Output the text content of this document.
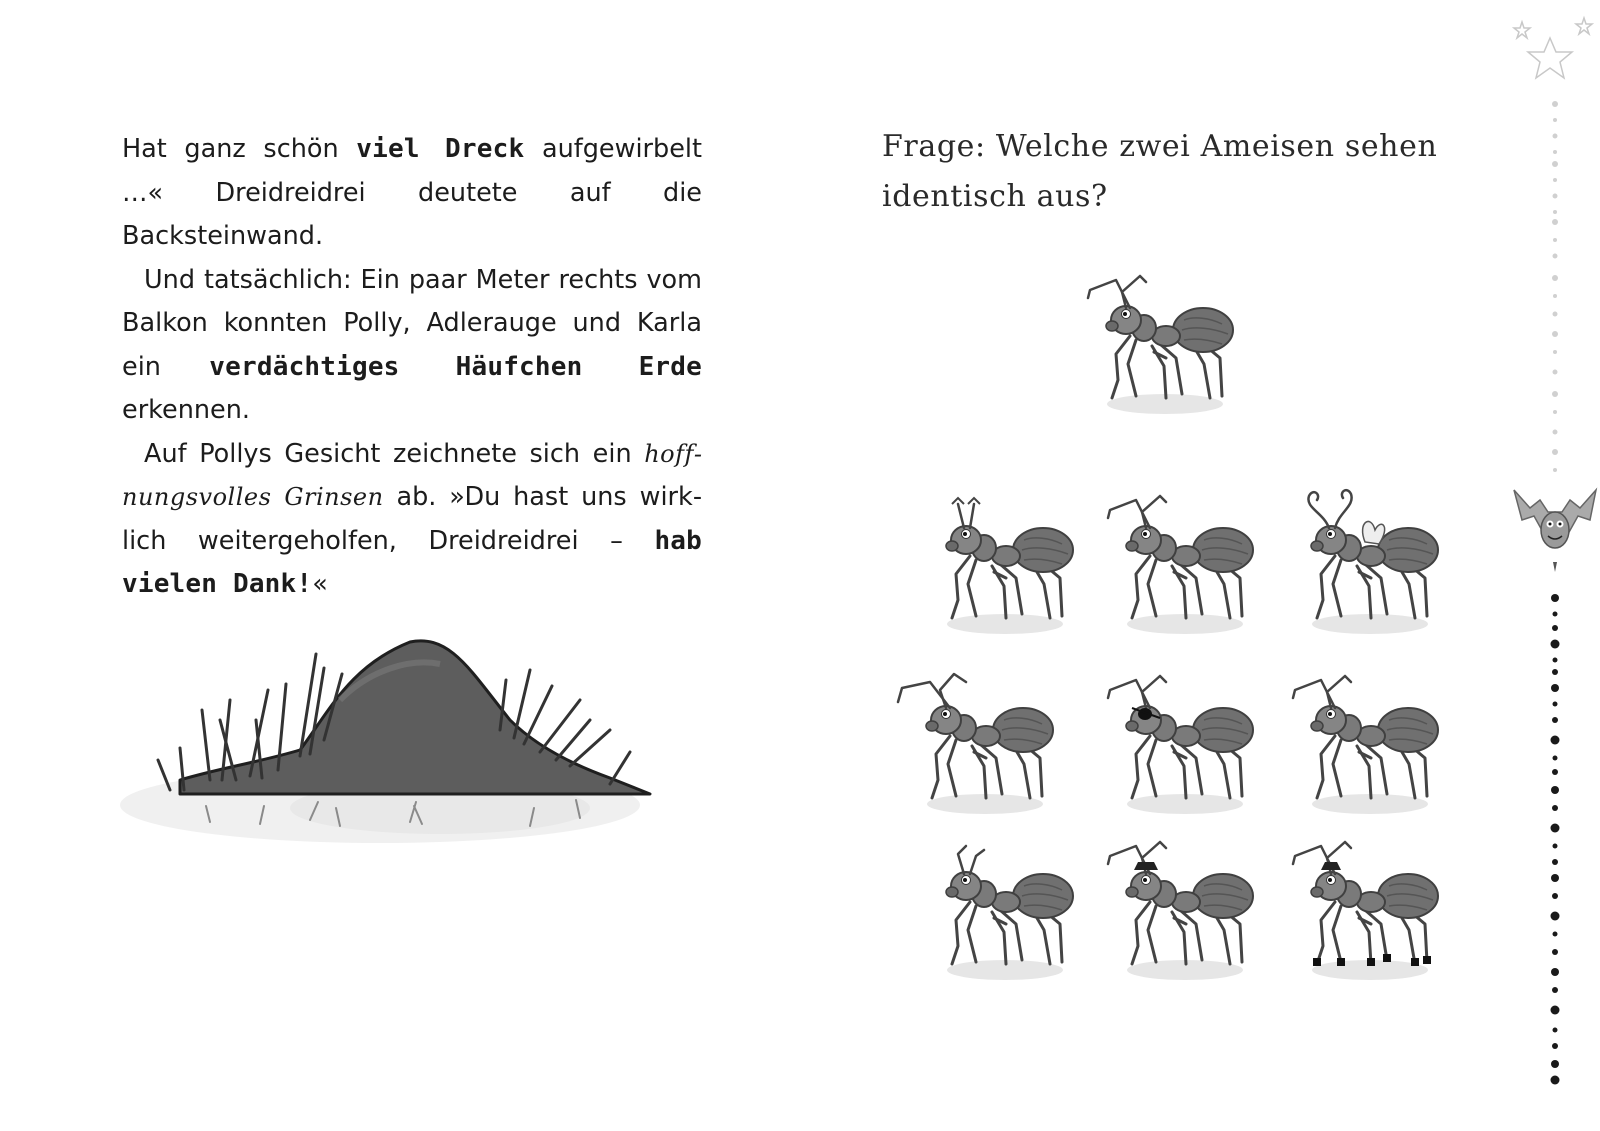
Hat ganz schön viel Dreck aufgewirbelt …« Dreidreidrei deutete auf die Backsteinwand.

Und tatsächlich: Ein paar Meter rechts vom Balkon konnten Polly, Adlerauge und Karla ein verdächtiges Häufchen Erde erkennen.

Auf Pollys Gesicht zeichnete sich ein hoffnungsvolles Grinsen ab. »Du hast uns wirklich weitergeholfen, Dreidreidrei – hab vielen Dank!«

Frage: Welche zwei Ameisen sehen identisch aus?
